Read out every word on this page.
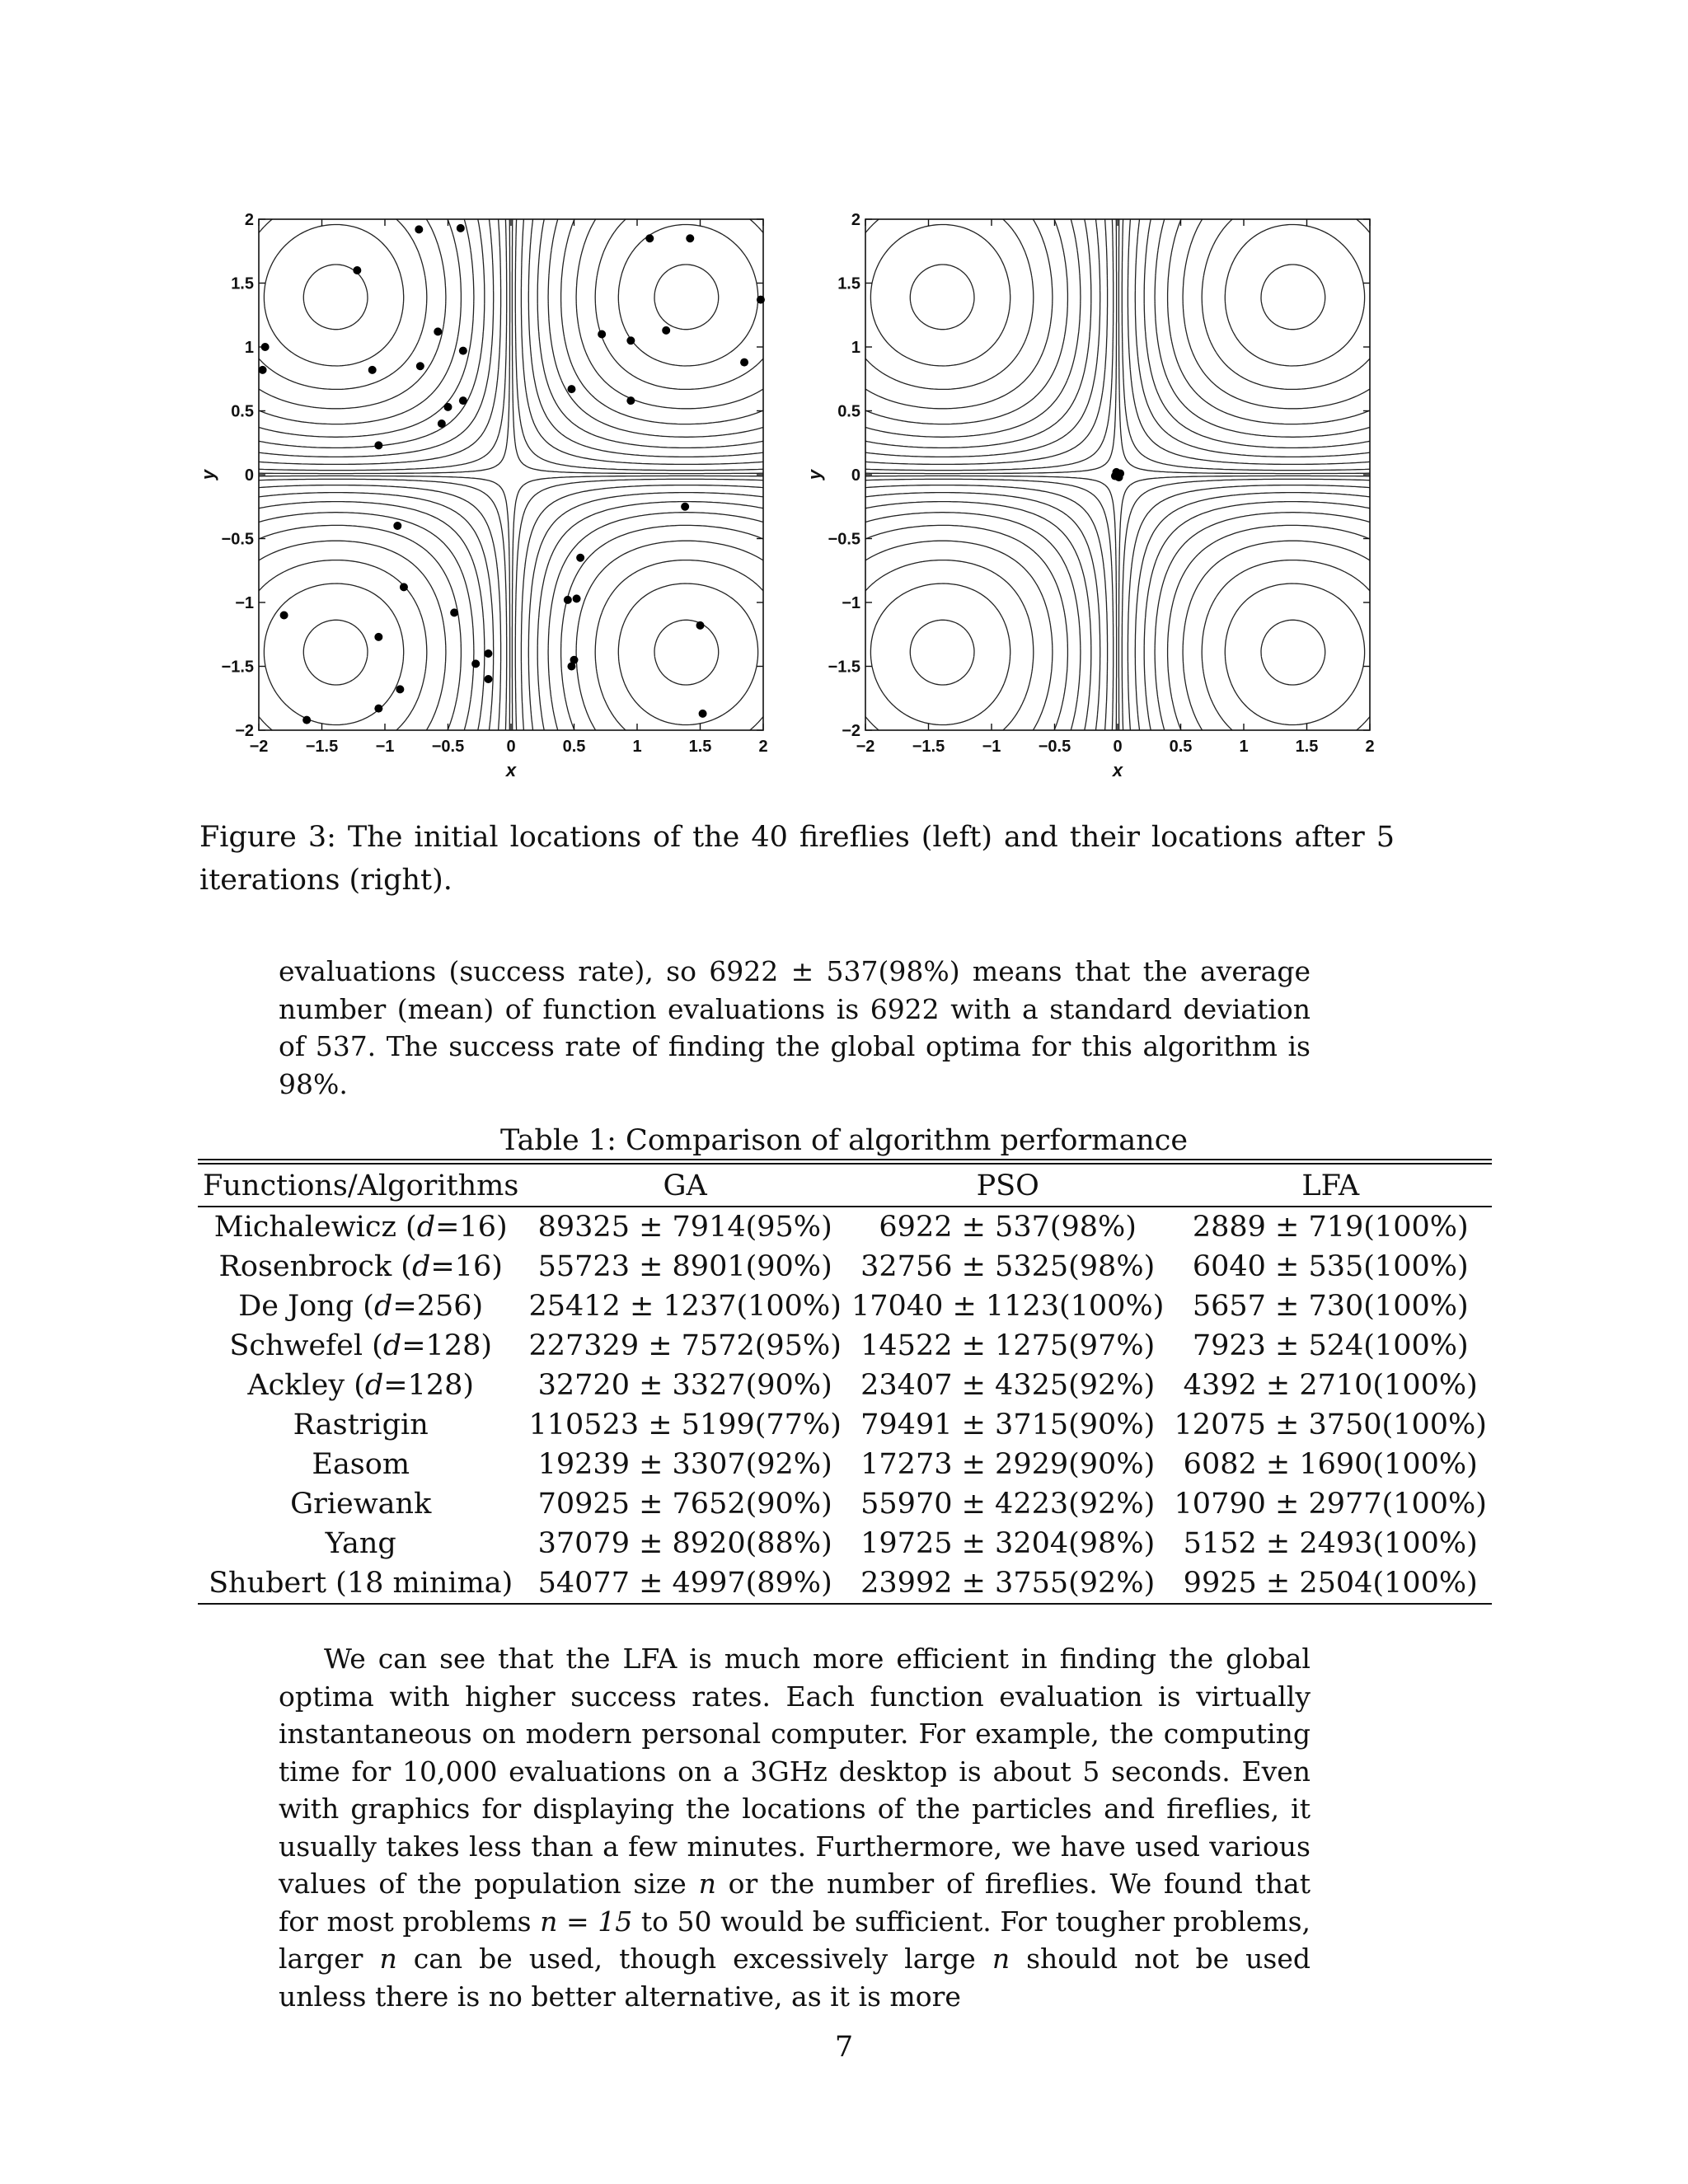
−2 −1.5 −1 −0.5	0	0.5	1	1.5	2
2
1.5
1
0.5
0
−0.5
−1
−1.5
−2
x
y
−2 −1.5 −1 −0.5	0	0.5	1	1.5	2
2
1.5
1
0.5
0
−0.5
−1
−1.5
−2
x
y
Figure 3: The initial locations of the 40 fireflies (left) and their locations after 5 iterations (right).
evaluations (success rate), so 6922 ± 537(98%) means that the average number (mean) of function evaluations is 6922 with a standard deviation of 537. The success rate of finding the global optima for this algorithm is 98%.
Table 1: Comparison of algorithm performance
Functions/Algorithms	GA	PSO	LFA
Michalewicz (d=16)	89325 ± 7914(95%)	6922 ± 537(98%)	2889 ± 719(100%)
Rosenbrock (d=16)	55723 ± 8901(90%)	32756 ± 5325(98%)	6040 ± 535(100%)
De Jong (d=256)	25412 ± 1237(100%)	17040 ± 1123(100%)	5657 ± 730(100%)
Schwefel (d=128)	227329 ± 7572(95%)	14522 ± 1275(97%)	7923 ± 524(100%)
Ackley (d=128)	32720 ± 3327(90%)	23407 ± 4325(92%)	4392 ± 2710(100%)
Rastrigin	110523 ± 5199(77%)	79491 ± 3715(90%)	12075 ± 3750(100%)
Easom	19239 ± 3307(92%)	17273 ± 2929(90%)	6082 ± 1690(100%)
Griewank	70925 ± 7652(90%)	55970 ± 4223(92%)	10790 ± 2977(100%)
Yang	37079 ± 8920(88%)	19725 ± 3204(98%)	5152 ± 2493(100%)
Shubert (18 minima)	54077 ± 4997(89%)	23992 ± 3755(92%)	9925 ± 2504(100%)
We can see that the LFA is much more efficient in finding the global optima with higher success rates. Each function evaluation is virtually instantaneous on modern personal computer. For example, the computing time for 10,000 evaluations on a 3GHz desktop is about 5 seconds. Even with graphics for displaying the locations of the particles and fireflies, it usually takes less than a few minutes. Furthermore, we have used various values of the population size n or the number of fireflies. We found that for most problems n = 15 to 50 would be sufficient. For tougher problems, larger n can be used, though excessively large n should not be used unless there is no better alternative, as it is more
7
